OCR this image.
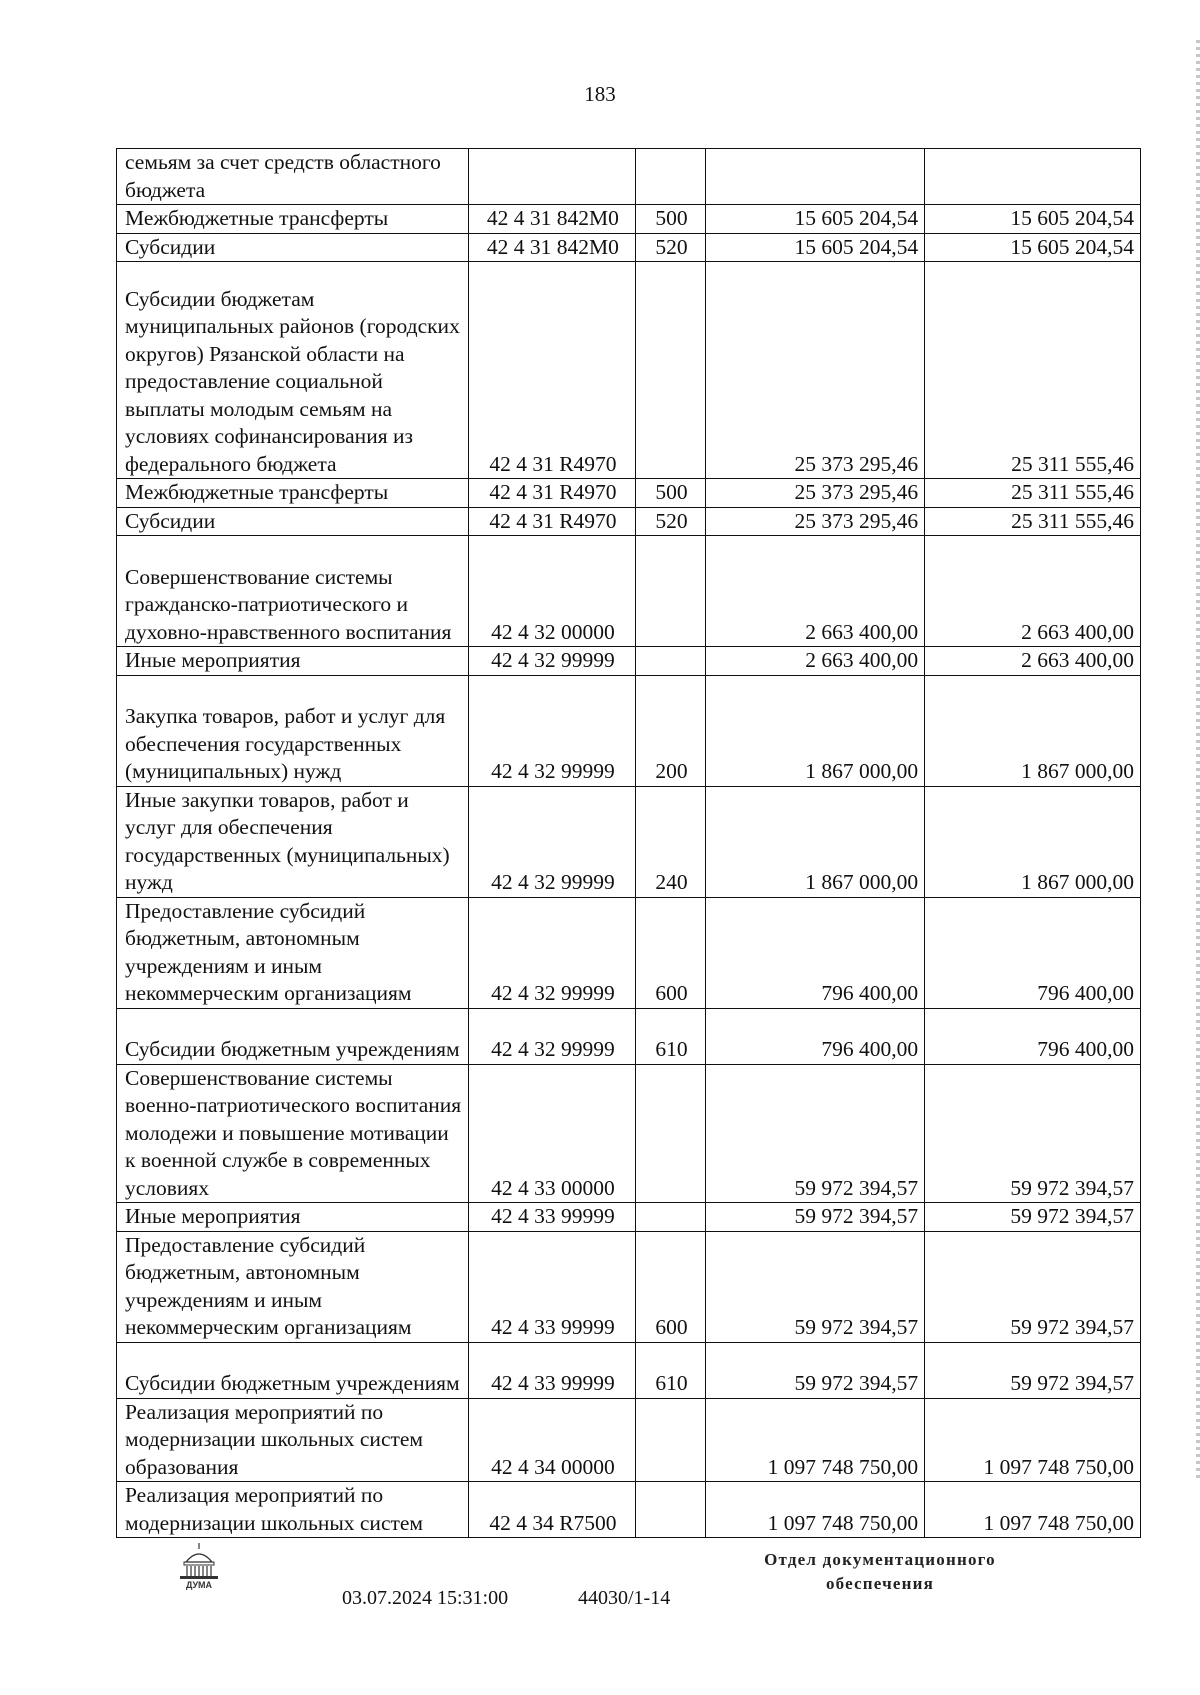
183
семьям за счет средств областного бюджета				
Межбюджетные трансферты	42 4 31 842M0	500	15 605 204,54	15 605 204,54
Субсидии	42 4 31 842M0	520	15 605 204,54	15 605 204,54
Субсидии бюджетам муниципальных районов (городских округов) Рязанской области на предоставление социальной выплаты молодым семьям на условиях софинансирования из федерального бюджета	42 4 31 R4970		25 373 295,46	25 311 555,46
Межбюджетные трансферты	42 4 31 R4970	500	25 373 295,46	25 311 555,46
Субсидии	42 4 31 R4970	520	25 373 295,46	25 311 555,46
Совершенствование системы гражданско-патриотического и духовно-нравственного воспитания	42 4 32 00000		2 663 400,00	2 663 400,00
Иные мероприятия	42 4 32 99999		2 663 400,00	2 663 400,00
Закупка товаров, работ и услуг для обеспечения государственных (муниципальных) нужд	42 4 32 99999	200	1 867 000,00	1 867 000,00
Иные закупки товаров, работ и услуг для обеспечения государственных (муниципальных) нужд	42 4 32 99999	240	1 867 000,00	1 867 000,00
Предоставление субсидий бюджетным, автономным учреждениям и иным некоммерческим организациям	42 4 32 99999	600	796 400,00	796 400,00
Субсидии бюджетным учреждениям	42 4 32 99999	610	796 400,00	796 400,00
Совершенствование системы военно-патриотического воспитания молодежи и повышение мотивации к военной службе в современных условиях	42 4 33 00000		59 972 394,57	59 972 394,57
Иные мероприятия	42 4 33 99999		59 972 394,57	59 972 394,57
Предоставление субсидий бюджетным, автономным учреждениям и иным некоммерческим организациям	42 4 33 99999	600	59 972 394,57	59 972 394,57
Субсидии бюджетным учреждениям	42 4 33 99999	610	59 972 394,57	59 972 394,57
Реализация мероприятий по модернизации школьных систем образования	42 4 34 00000		1 097 748 750,00	1 097 748 750,00
Реализация мероприятий по модернизации школьных систем	42 4 34 R7500		1 097 748 750,00	1 097 748 750,00
ДУМА
03.07.2024 15:31:00	44030/1-14
Отдел документационного
обеспечения
